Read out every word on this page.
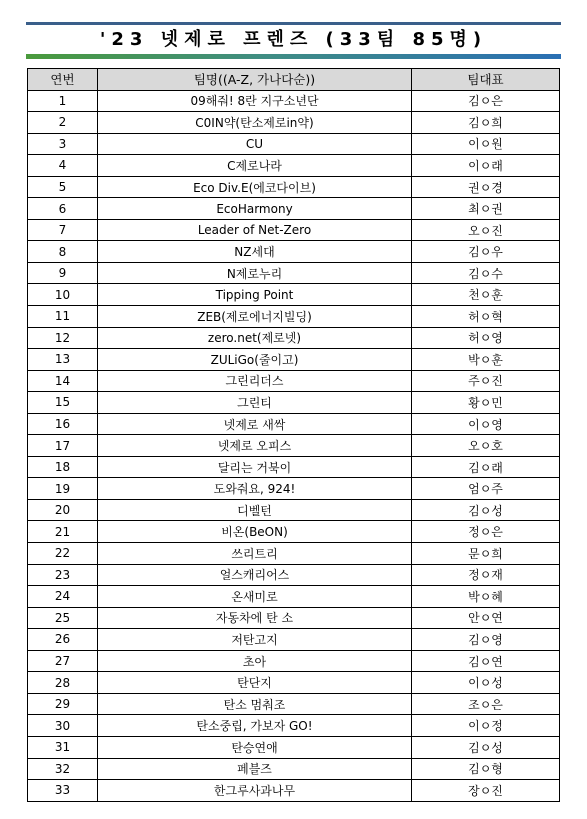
'23 넷제로 프렌즈 (33팀 85명)
연번	팀명((A-Z, 가나다순))	팀대표
1	09해줘! 8란 지구소년단	김ㅇ은
2	C0IN약(탄소제로in약)	김ㅇ희
3	CU	이ㅇ원
4	C제로나라	이ㅇ래
5	Eco Div.E(에코다이브)	권ㅇ경
6	EcoHarmony	최ㅇ권
7	Leader of Net-Zero	오ㅇ진
8	NZ세대	김ㅇ우
9	N제로누리	김ㅇ수
10	Tipping Point	천ㅇ훈
11	ZEB(제로에너지빌딩)	허ㅇ혁
12	zero.net(제로넷)	허ㅇ영
13	ZULiGo(줄이고)	박ㅇ훈
14	그린리더스	주ㅇ진
15	그린티	황ㅇ민
16	넷제로 새싹	이ㅇ영
17	넷제로 오피스	오ㅇ호
18	달리는 거북이	김ㅇ래
19	도와줘요, 924!	엄ㅇ주
20	디벨턴	김ㅇ성
21	비온(BeON)	정ㅇ은
22	쓰리트리	문ㅇ희
23	얼스캐리어스	정ㅇ재
24	온새미로	박ㅇ혜
25	자동차에 탄 소	안ㅇ연
26	저탄고지	김ㅇ영
27	초아	김ㅇ연
28	탄단지	이ㅇ성
29	탄소 멈춰조	조ㅇ은
30	탄소중립, 가보자 GO!	이ㅇ정
31	탄승연애	김ㅇ성
32	페블즈	김ㅇ형
33	한그루사과나무	장ㅇ진
